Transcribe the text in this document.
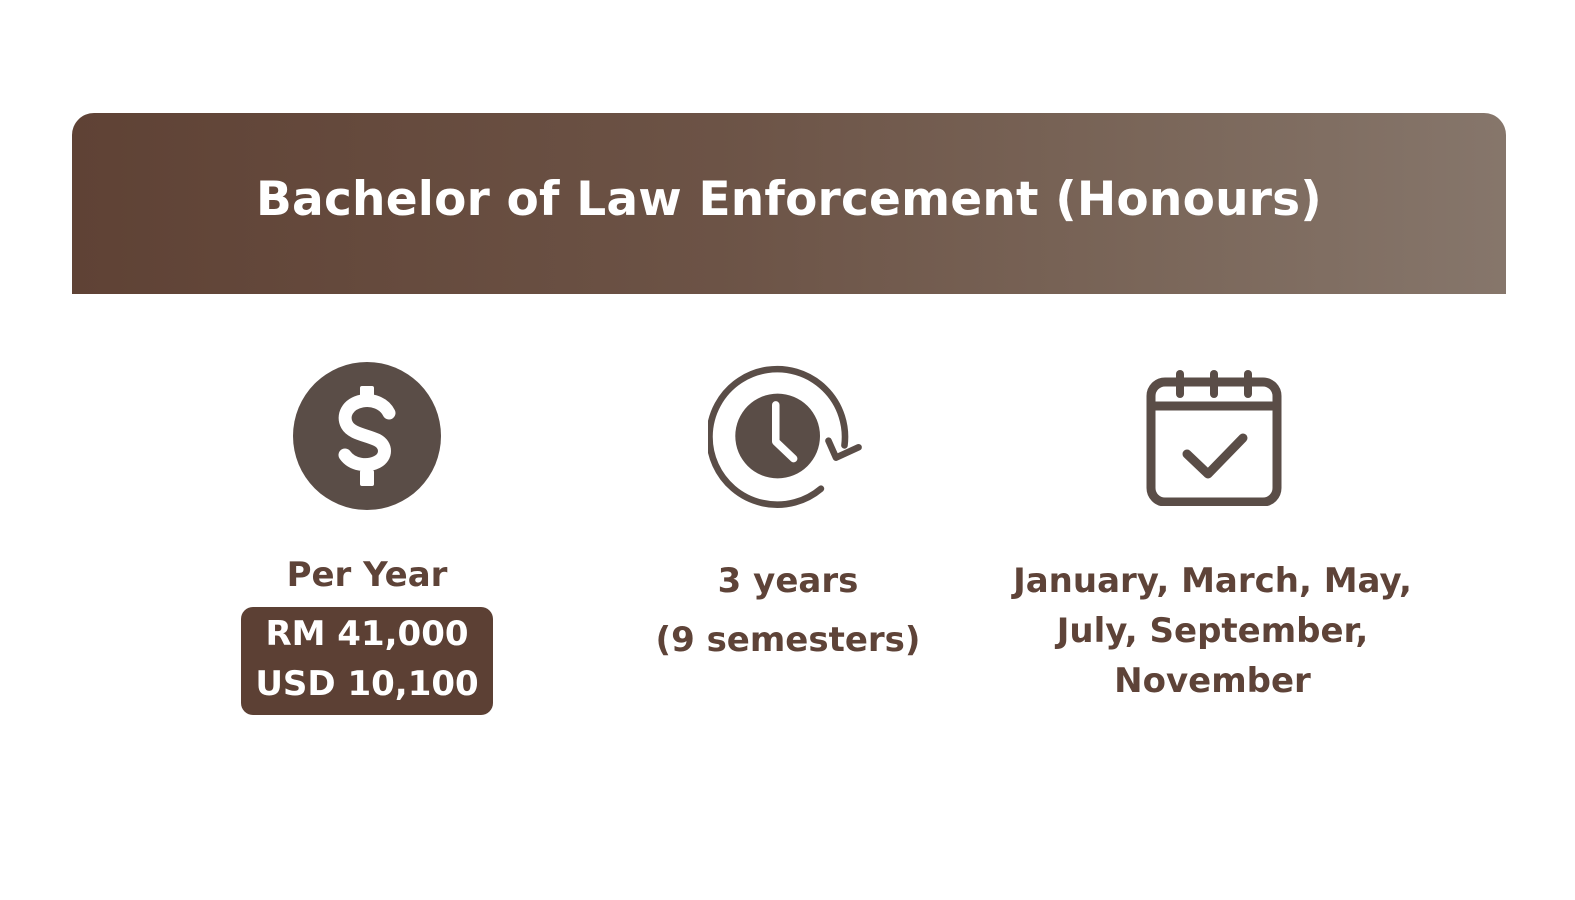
Bachelor of Law Enforcement (Honours)
Per Year
RM 41,000
USD 10,100
3 years
(9 semesters)
January, March, May,
July, September,
November
